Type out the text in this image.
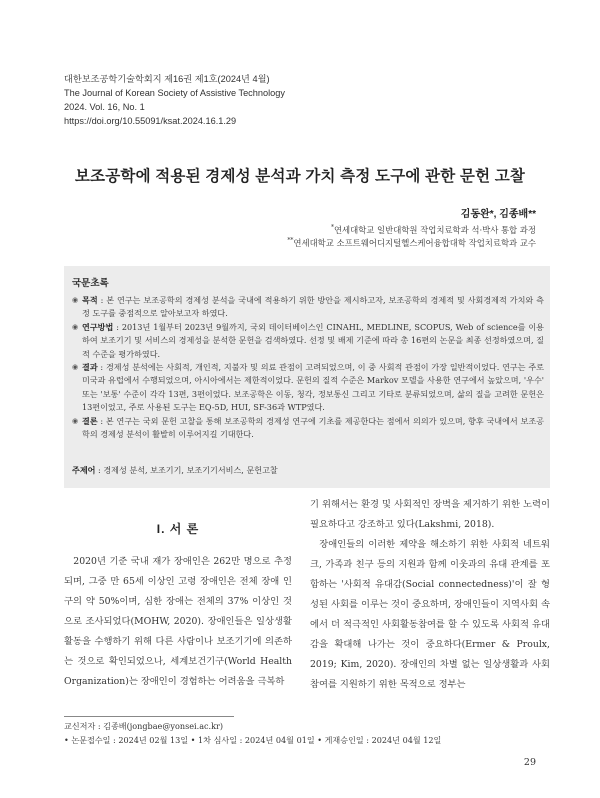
대한보조공학기술학회지 제16권 제1호(2024년 4월)
The Journal of Korean Society of Assistive Technology
2024. Vol. 16, No. 1
https://doi.org/10.55091/ksat.2024.16.1.29
보조공학에 적용된 경제성 분석과 가치 측정 도구에 관한 문헌 고찰
김동완*, 김종배**
*연세대학교 일반대학원 작업치료학과 석·박사 통합 과정
**연세대학교 소프트웨어디지털헬스케어융합대학 작업치료학과 교수
국문초록
◉ 목적 : 본 연구는 보조공학의 경제성 분석을 국내에 적용하기 위한 방안을 제시하고자, 보조공학의 경제적 및 사회경제적 가치와 측정 도구를 중점적으로 알아보고자 하였다.
◉ 연구방법 : 2013년 1월부터 2023년 9월까지, 국외 데이터베이스인 CINAHL, MEDLINE, SCOPUS, Web of science를 이용하여 보조기기 및 서비스의 경제성을 분석한 문헌을 검색하였다. 선정 및 배제 기준에 따라 총 16편의 논문을 최종 선정하였으며, 질적 수준을 평가하였다.
◉ 결과 : 경제성 분석에는 사회적, 개인적, 지불자 및 의료 관점이 고려되었으며, 이 중 사회적 관점이 가장 일반적이었다. 연구는 주로 미국과 유럽에서 수행되었으며, 아시아에서는 제한적이었다. 문헌의 질적 수준은 Markov 모델을 사용한 연구에서 높았으며, '우수' 또는 '보통' 수준이 각각 13편, 3편이었다. 보조공학은 이동, 청각, 정보통신 그리고 기타로 분류되었으며, 삶의 질을 고려한 문헌은 13편이었고, 주로 사용된 도구는 EQ-5D, HUI, SF-36과 WTP였다.
◉ 결론 : 본 연구는 국외 문헌 고찰을 통해 보조공학의 경제성 연구에 기초를 제공한다는 점에서 의의가 있으며, 향후 국내에서 보조공학의 경제성 분석이 활발히 이루어지길 기대한다.
주제어 : 경제성 분석, 보조기기, 보조기기서비스, 문헌고찰
I. 서 론

2020년 기준 국내 재가 장애인은 262만 명으로 추정되며, 그중 만 65세 이상인 고령 장애인은 전체 장애 인구의 약 50%이며, 심한 장애는 전체의 37% 이상인 것으로 조사되었다(MOHW, 2020). 장애인들은 일상생활 활동을 수행하기 위해 다른 사람이나 보조기기에 의존하는 것으로 확인되었으나, 세계보건기구(World Health Organization)는 장애인이 경험하는 어려움을 극복하

기 위해서는 환경 및 사회적인 장벽을 제거하기 위한 노력이 필요하다고 강조하고 있다(Lakshmi, 2018).

장애인들의 이러한 제약을 해소하기 위한 사회적 네트워크, 가족과 친구 등의 지원과 함께 이웃과의 유대 관계를 포함하는 '사회적 유대감(Social connectedness)'이 잘 형성된 사회를 이루는 것이 중요하며, 장애인들이 지역사회 속에서 더 적극적인 사회활동참여를 할 수 있도록 사회적 유대감을 확대해 나가는 것이 중요하다(Ermer & Proulx, 2019; Kim, 2020). 장애인의 차별 없는 일상생활과 사회 참여를 지원하기 위한 목적으로 정부는

교신저자 : 김종배(jongbae@yonsei.ac.kr)
• 논문접수일 : 2024년 02월 13일 • 1차 심사일 : 2024년 04월 01일 • 게재승인일 : 2024년 04월 12일
29
